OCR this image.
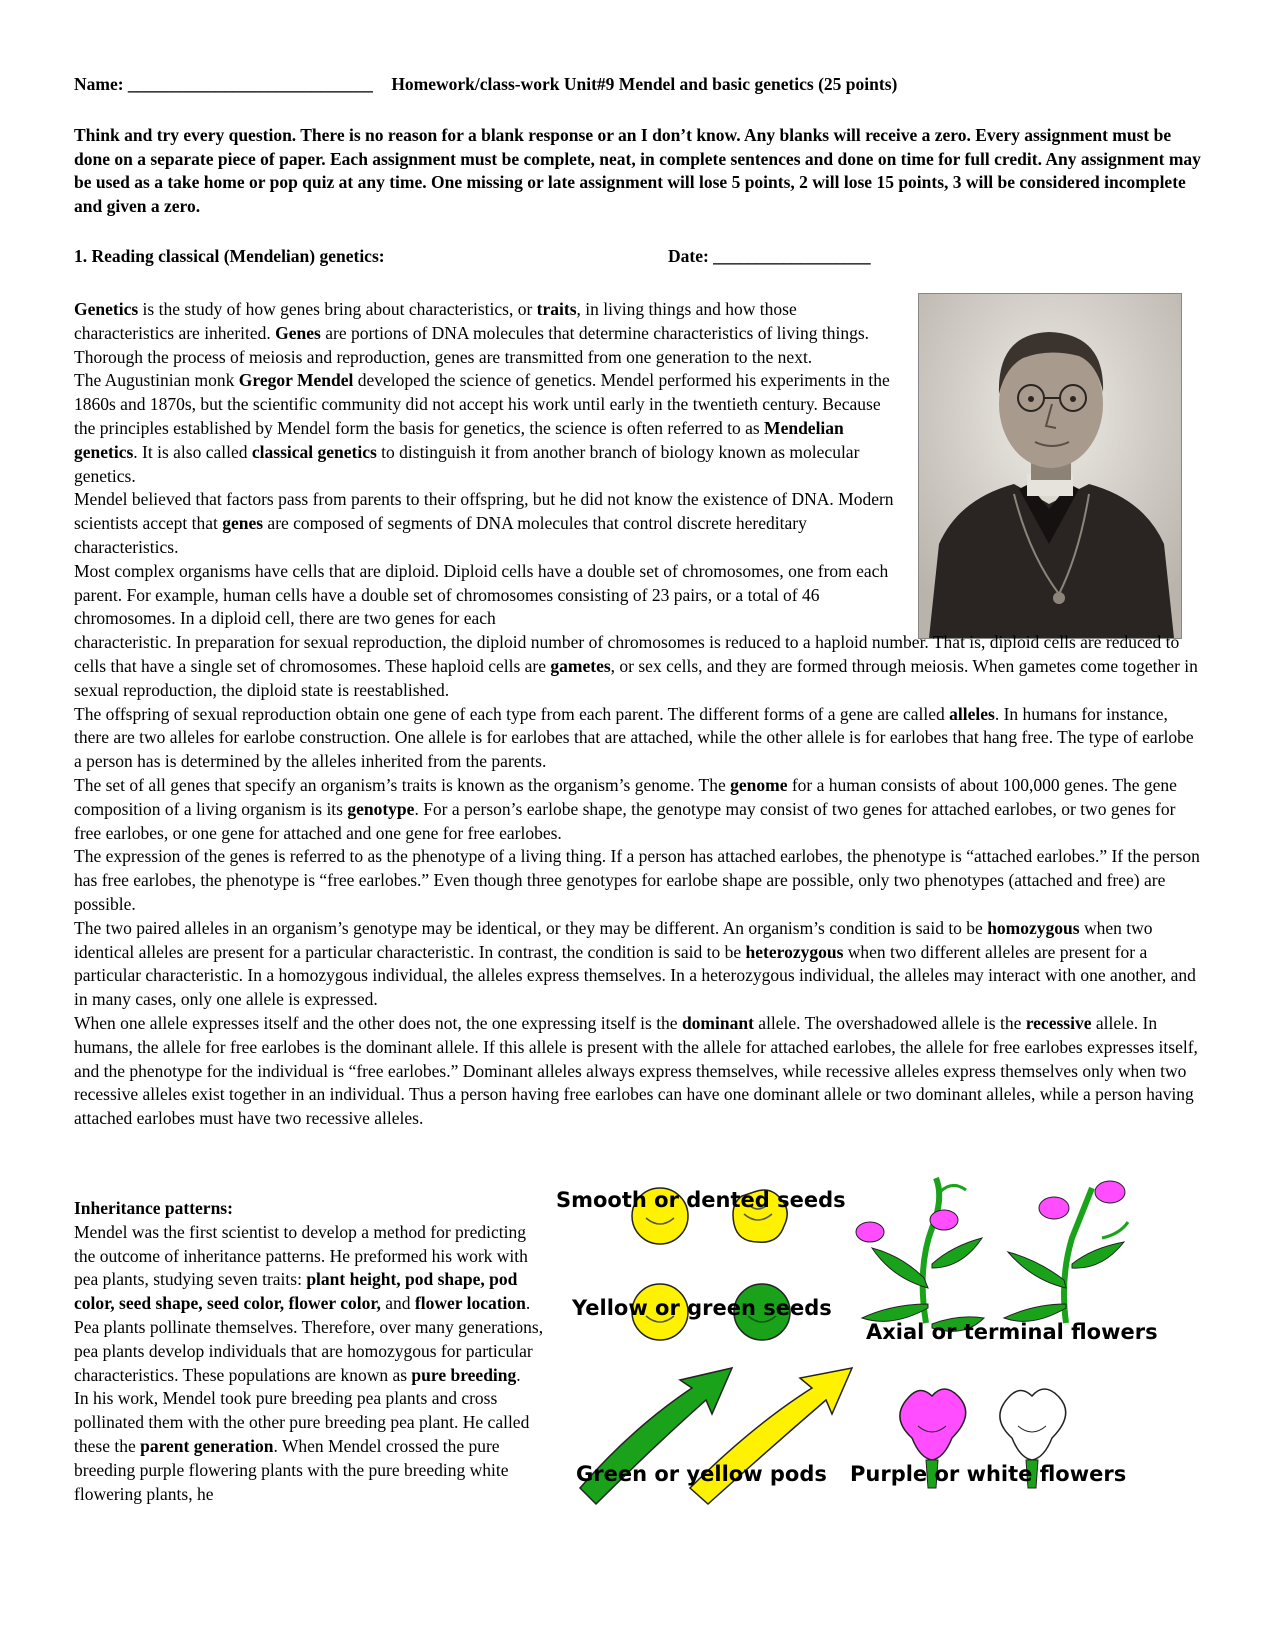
Name: ____________________________ Homework/class-work Unit#9 Mendel and basic genetics (25 points)
Think and try every question. There is no reason for a blank response or an I don’t know. Any blanks will receive a zero. Every assignment must be done on a separate piece of paper. Each assignment must be complete, neat, in complete sentences and done on time for full credit. Any assignment may be used as a take home or pop quiz at any time. One missing or late assignment will lose 5 points, 2 will lose 15 points, 3 will be considered incomplete and given a zero.
1. Reading classical (Mendelian) genetics:	Date: __________________

Genetics is the study of how genes bring about characteristics, or traits, in living things and how those characteristics are inherited. Genes are portions of DNA molecules that determine characteristics of living things. Thorough the process of meiosis and reproduction, genes are transmitted from one generation to the next.

The Augustinian monk Gregor Mendel developed the science of genetics. Mendel performed his experiments in the 1860s and 1870s, but the scientific community did not accept his work until early in the twentieth century. Because the principles established by Mendel form the basis for genetics, the science is often referred to as Mendelian genetics. It is also called classical genetics to distinguish it from another branch of biology known as molecular genetics.

Mendel believed that factors pass from parents to their offspring, but he did not know the existence of DNA. Modern scientists accept that genes are composed of segments of DNA molecules that control discrete hereditary characteristics.

Most complex organisms have cells that are diploid. Diploid cells have a double set of chromosomes, one from each parent. For example, human cells have a double set of chromosomes consisting of 23 pairs, or a total of 46 chromosomes. In a diploid cell, there are two genes for each
characteristic. In preparation for sexual reproduction, the diploid number of chromosomes is reduced to a haploid number. That is, diploid cells are reduced to cells that have a single set of chromosomes. These haploid cells are gametes, or sex cells, and they are formed through meiosis. When gametes come together in sexual reproduction, the diploid state is reestablished.

The offspring of sexual reproduction obtain one gene of each type from each parent. The different forms of a gene are called alleles. In humans for instance, there are two alleles for earlobe construction. One allele is for earlobes that are attached, while the other allele is for earlobes that hang free. The type of earlobe a person has is determined by the alleles inherited from the parents.

The set of all genes that specify an organism’s traits is known as the organism’s genome. The genome for a human consists of about 100,000 genes. The gene composition of a living organism is its genotype. For a person’s earlobe shape, the genotype may consist of two genes for attached earlobes, or two genes for free earlobes, or one gene for attached and one gene for free earlobes.

The expression of the genes is referred to as the phenotype of a living thing. If a person has attached earlobes, the phenotype is “attached earlobes.” If the person has free earlobes, the phenotype is “free earlobes.” Even though three genotypes for earlobe shape are possible, only two phenotypes (attached and free) are possible.

The two paired alleles in an organism’s genotype may be identical, or they may be different. An organism’s condition is said to be homozygous when two identical alleles are present for a particular characteristic. In contrast, the condition is said to be heterozygous when two different alleles are present for a particular characteristic. In a homozygous individual, the alleles express themselves. In a heterozygous individual, the alleles may interact with one another, and in many cases, only one allele is expressed.

When one allele expresses itself and the other does not, the one expressing itself is the dominant allele. The overshadowed allele is the recessive allele. In humans, the allele for free earlobes is the dominant allele. If this allele is present with the allele for attached earlobes, the allele for free earlobes expresses itself, and the phenotype for the individual is “free earlobes.” Dominant alleles always express themselves, while recessive alleles express themselves only when two recessive alleles exist together in an individual. Thus a person having free earlobes can have one dominant allele or two dominant alleles, while a person having attached earlobes must have two recessive alleles.

Inheritance patterns:

Mendel was the first scientist to develop a method for predicting the outcome of inheritance patterns. He preformed his work with pea plants, studying seven traits: plant height, pod shape, pod color, seed shape, seed color, flower color, and flower location. Pea plants pollinate themselves. Therefore, over many generations, pea plants develop individuals that are homozygous for particular characteristics. These populations are known as pure breeding.

In his work, Mendel took pure breeding pea plants and cross pollinated them with the other pure breeding pea plant. He called these the parent generation. When Mendel crossed the pure breeding purple flowering plants with the pure breeding white flowering plants, he

Smooth or dented seeds
Yellow or green seeds
Axial or terminal flowers
Green or yellow pods Purple or white flowers
